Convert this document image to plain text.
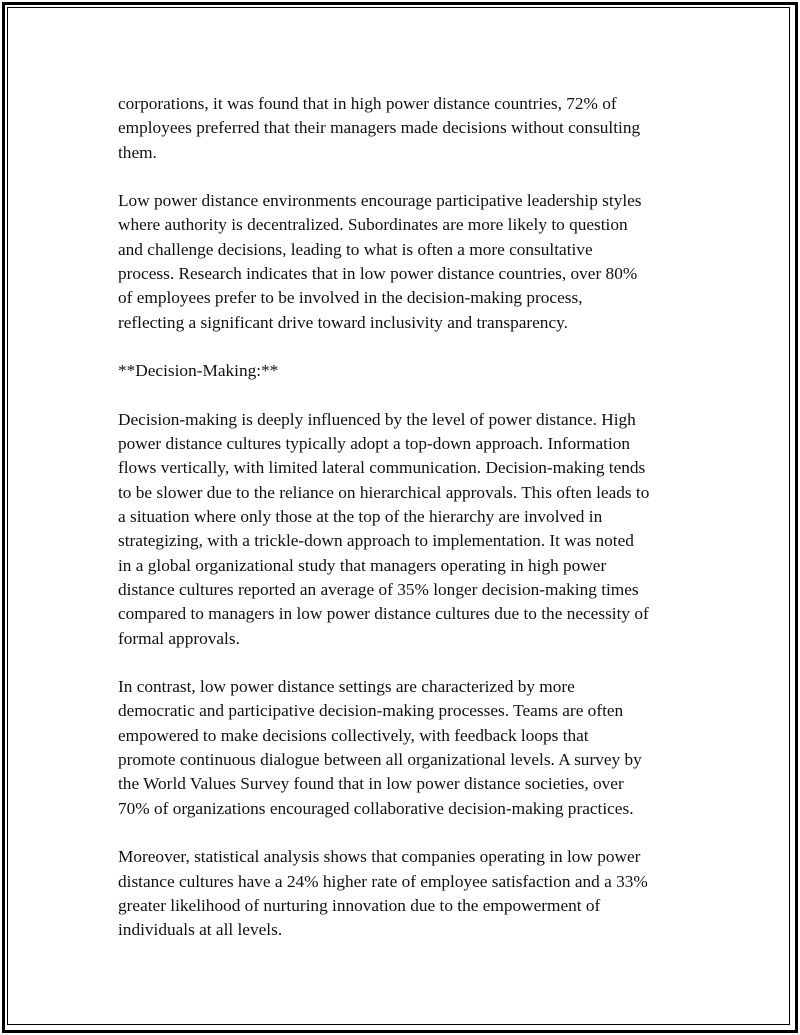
corporations, it was found that in high power distance countries, 72% of
employees preferred that their managers made decisions without consulting
them.

Low power distance environments encourage participative leadership styles
where authority is decentralized. Subordinates are more likely to question
and challenge decisions, leading to what is often a more consultative
process. Research indicates that in low power distance countries, over 80%
of employees prefer to be involved in the decision-making process,
reflecting a significant drive toward inclusivity and transparency.

**Decision-Making:**

Decision-making is deeply influenced by the level of power distance. High
power distance cultures typically adopt a top-down approach. Information
flows vertically, with limited lateral communication. Decision-making tends
to be slower due to the reliance on hierarchical approvals. This often leads to
a situation where only those at the top of the hierarchy are involved in
strategizing, with a trickle-down approach to implementation. It was noted
in a global organizational study that managers operating in high power
distance cultures reported an average of 35% longer decision-making times
compared to managers in low power distance cultures due to the necessity of
formal approvals.

In contrast, low power distance settings are characterized by more
democratic and participative decision-making processes. Teams are often
empowered to make decisions collectively, with feedback loops that
promote continuous dialogue between all organizational levels. A survey by
the World Values Survey found that in low power distance societies, over
70% of organizations encouraged collaborative decision-making practices.

Moreover, statistical analysis shows that companies operating in low power
distance cultures have a 24% higher rate of employee satisfaction and a 33%
greater likelihood of nurturing innovation due to the empowerment of
individuals at all levels.
